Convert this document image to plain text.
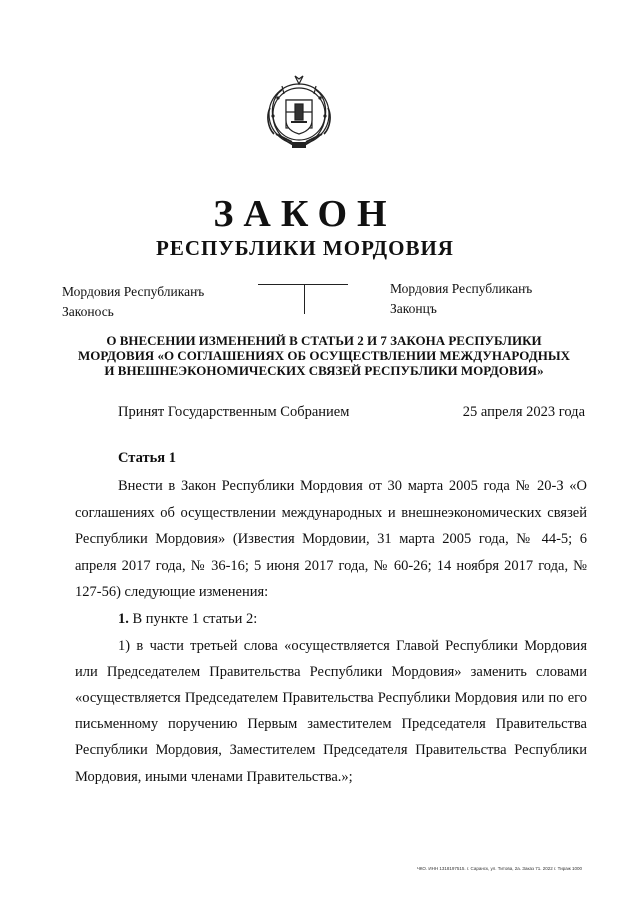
ЗАКОН
РЕСПУБЛИКИ МОРДОВИЯ
Мордовия Республиканъ
Законось
Мордовия Республиканъ
Законцъ
О ВНЕСЕНИИ ИЗМЕНЕНИЙ В СТАТЬИ 2 И 7 ЗАКОНА РЕСПУБЛИКИ
МОРДОВИЯ «О СОГЛАШЕНИЯХ ОБ ОСУЩЕСТВЛЕНИИ МЕЖДУНАРОДНЫХ
И ВНЕШНЕЭКОНОМИЧЕСКИХ СВЯЗЕЙ РЕСПУБЛИКИ МОРДОВИЯ»
Принят Государственным Собранием	25 апреля 2023 года
Статья 1

Внести в Закон Республики Мордовия от 30 марта 2005 года № 20-З «О соглашениях об осуществлении международных и внешнеэкономических связей Республики Мордовия» (Известия Мордовии, 31 марта 2005 года, № 44-5; 6 апреля 2017 года, № 36-16; 5 июня 2017 года, № 60-26; 14 ноября 2017 года, № 127-56) следующие изменения:

1. В пункте 1 статьи 2:

1) в части третьей слова «осуществляется Главой Республики Мордовия или Председателем Правительства Республики Мордовия» заменить словами «осуществляется Председателем Правительства Республики Мордовия или по его письменному поручению Первым заместителем Председателя Правительства Республики Мордовия, Заместителем Председателя Правительства Республики Мордовия, иными членами Правительства.»;

ЧКО. ИНН 1318197515. г. Саранск, ул. Титова, 2а. Заказ 71. 2022 г. Тираж 1000
